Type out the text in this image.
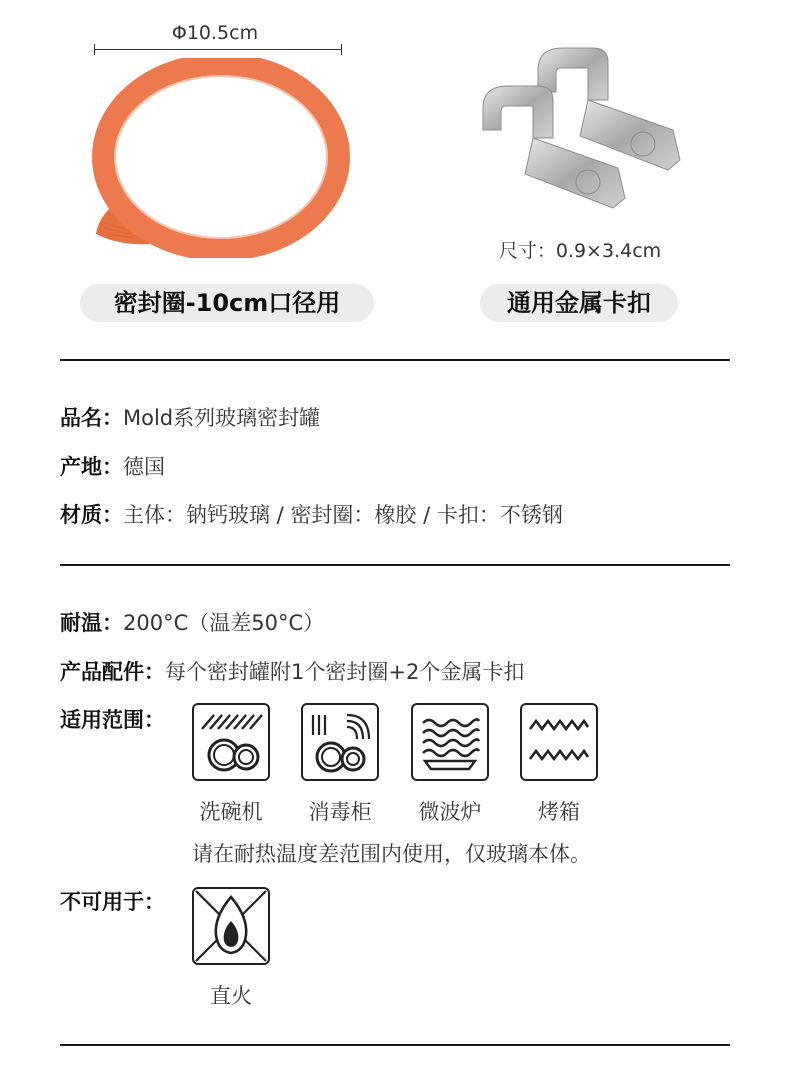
Φ10.5cm
尺寸：0.9×3.4cm
密封圈-10cm口径用	通用金属卡扣
品名：Mold系列玻璃密封罐
产地：德国
材质：主体：钠钙玻璃 / 密封圈：橡胶 / 卡扣：不锈钢
耐温：200°C（温差50°C）
产品配件：每个密封罐附1个密封圈+2个金属卡扣
适用范围：
洗碗机	消毒柜	微波炉	烤箱
请在耐热温度差范围内使用，仅玻璃本体。
不可用于：
直火
